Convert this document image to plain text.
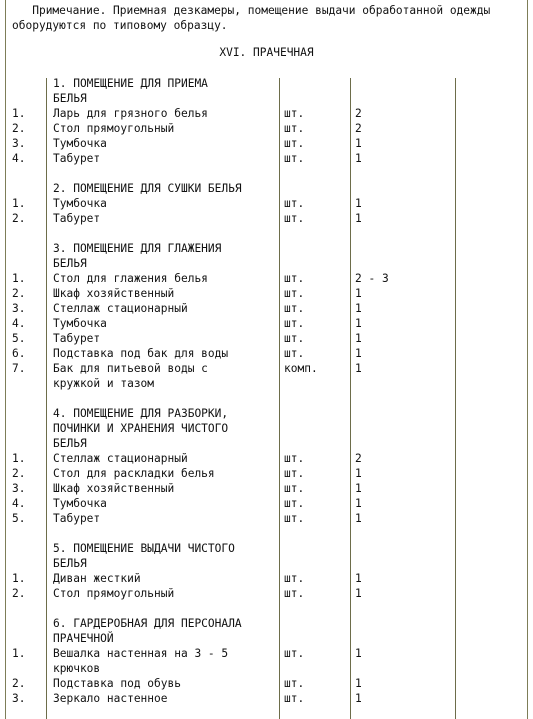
Примечание. Приемная дезкамеры, помещение выдачи обработанной одежды оборудуются по типовому образцу.
XVI. ПРАЧЕЧНАЯ
1. ПОМЕЩЕНИЕ ДЛЯ ПРИЕМА
БЕЛЬЯ
1. Ларь для грязного белья	шт.	2
2. Стол прямоугольный	шт.	2
3. Тумбочка	шт.	1
4. Табурет	шт.	1
2. ПОМЕЩЕНИЕ ДЛЯ СУШКИ БЕЛЬЯ
1. Тумбочка	шт.	1
2. Табурет	шт.	1
3. ПОМЕЩЕНИЕ ДЛЯ ГЛАЖЕНИЯ
БЕЛЬЯ
1. Стол для глажения белья	шт.	2 - 3
2. Шкаф хозяйственный	шт.	1
3. Стеллаж стационарный	шт.	1
4. Тумбочка	шт.	1
5. Табурет	шт.	1
6. Подставка под бак для воды	шт.	1
7. Бак для питьевой воды с	комп.	1
кружкой и тазом
4. ПОМЕЩЕНИЕ ДЛЯ РАЗБОРКИ,
ПОЧИНКИ И ХРАНЕНИЯ ЧИСТОГО
БЕЛЬЯ
1. Стеллаж стационарный	шт.	2
2. Стол для раскладки белья	шт.	1
3. Шкаф хозяйственный	шт.	1
4. Тумбочка	шт.	1
5. Табурет	шт.	1
5. ПОМЕЩЕНИЕ ВЫДАЧИ ЧИСТОГО
БЕЛЬЯ
1. Диван жесткий	шт.	1
2. Стол прямоугольный	шт.	1
6. ГАРДЕРОБНАЯ ДЛЯ ПЕРСОНАЛА
ПРАЧЕЧНОЙ
1. Вешалка настенная на 3 - 5	шт.	1
крючков
2. Подставка под обувь	шт.	1
3. Зеркало настенное	шт.	1
